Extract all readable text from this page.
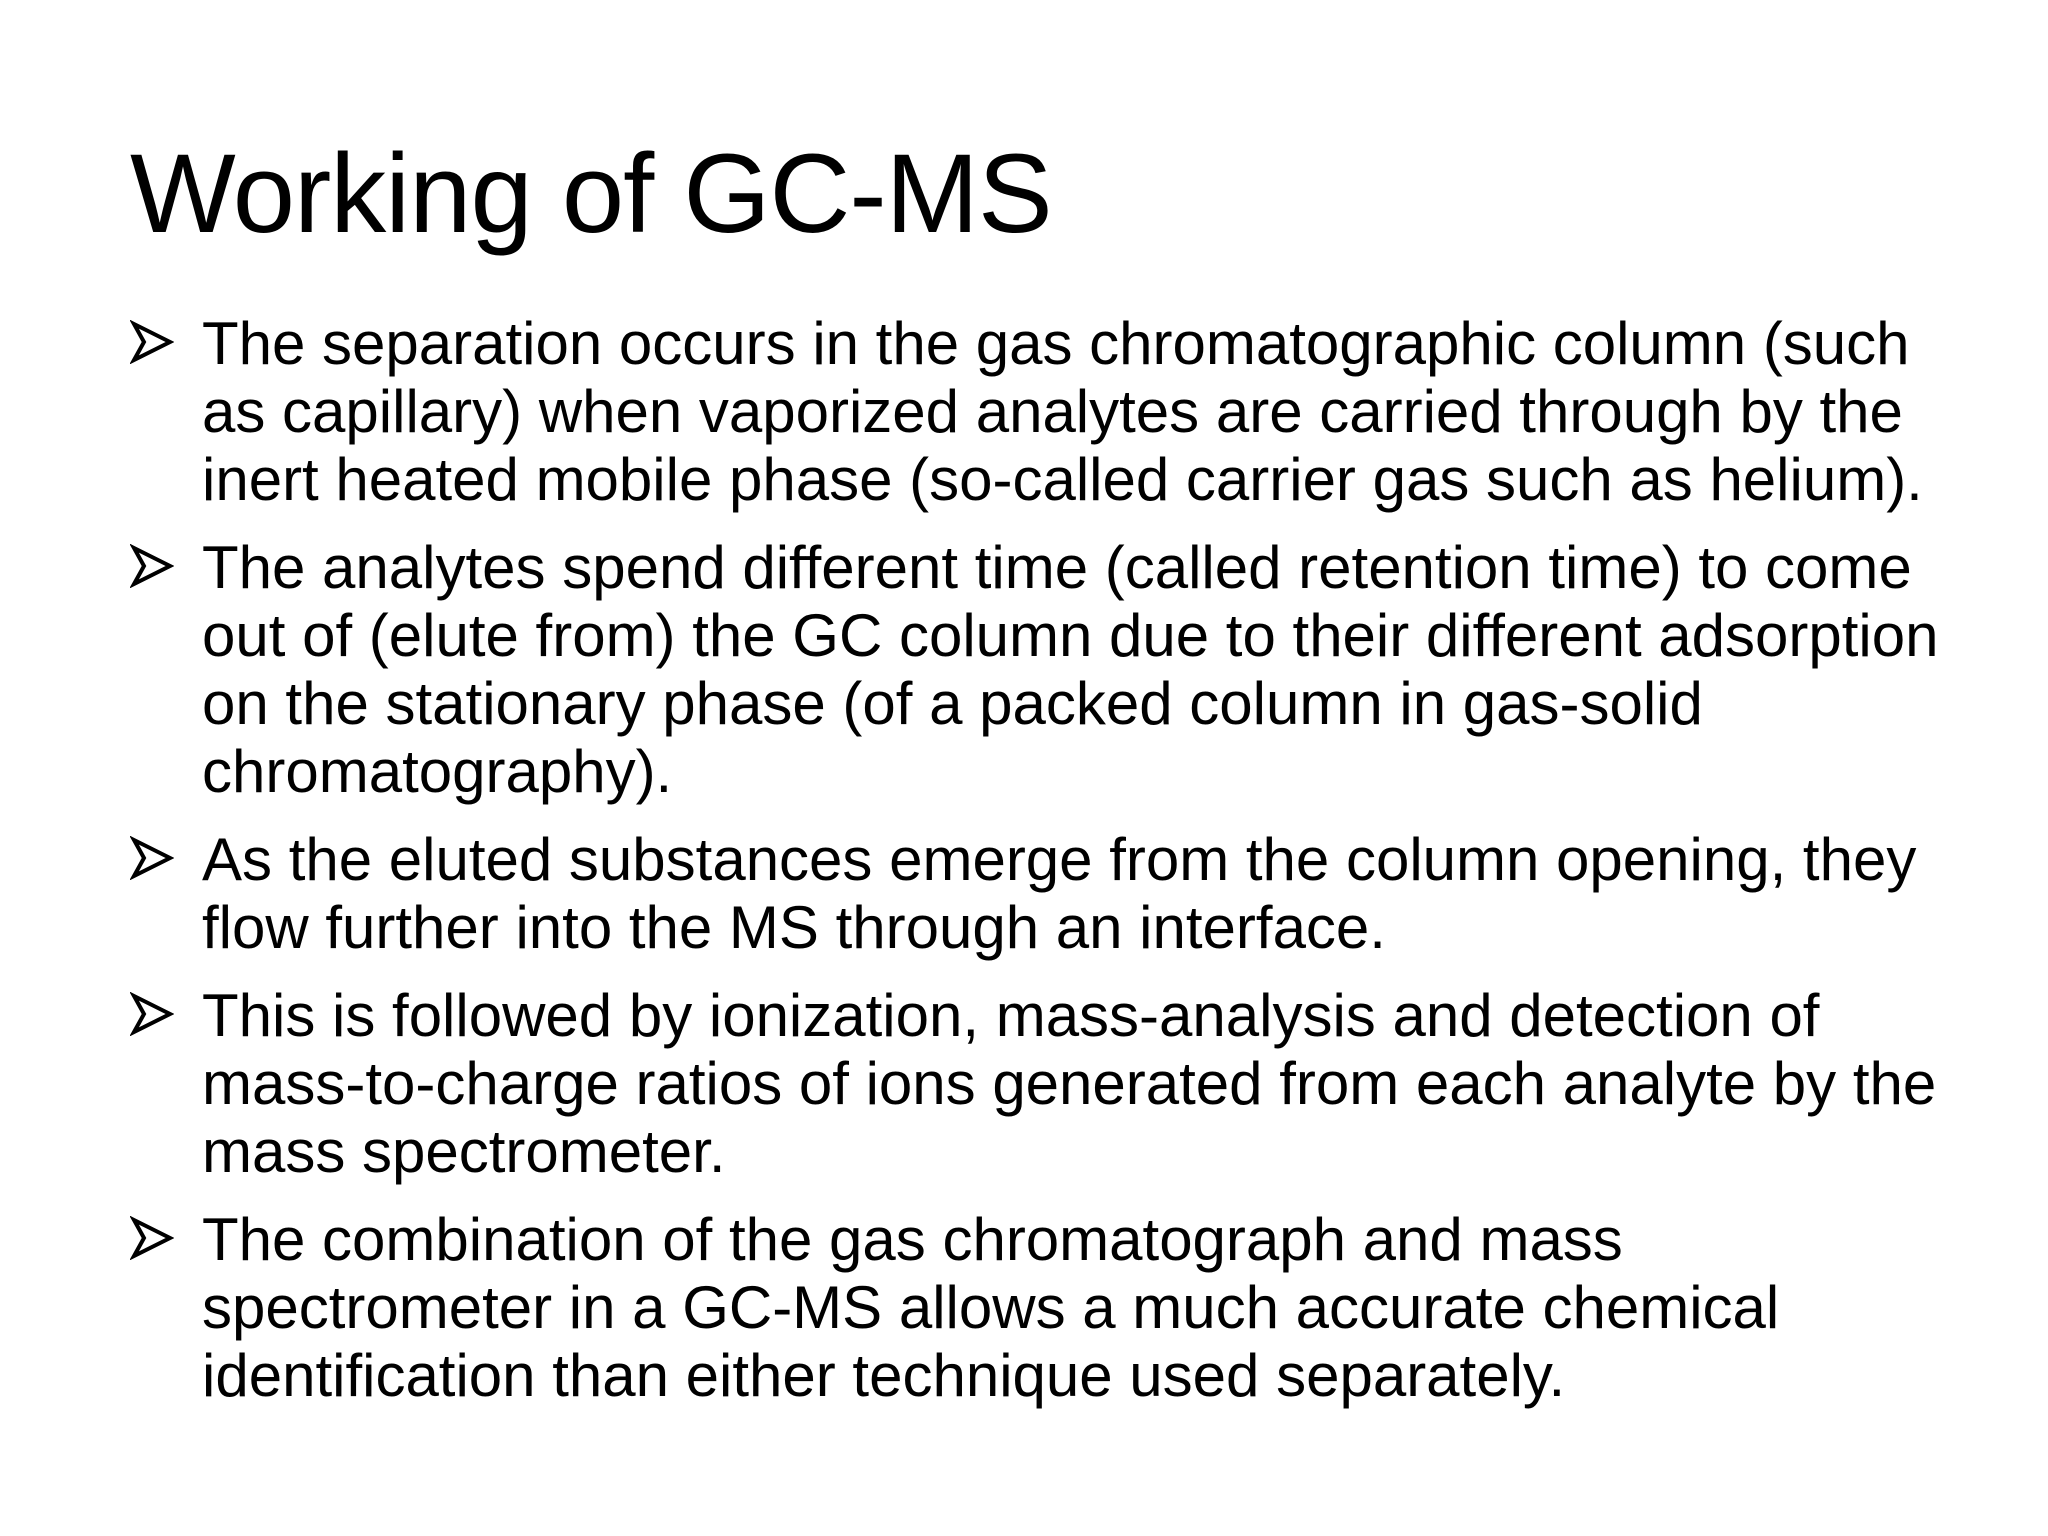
Working of GC-MS
The separation occurs in the gas chromatographic column (such as capillary) when vaporized analytes are carried through by the inert heated mobile phase (so-called carrier gas such as helium).
The analytes spend different time (called retention time) to come out of (elute from) the GC column due to their different adsorption on the stationary phase (of a packed column in gas-solid chromatography).
As the eluted substances emerge from the column opening, they flow further into the MS through an interface.
This is followed by ionization, mass-analysis and detection of mass-to-charge ratios of ions generated from each analyte by the mass spectrometer.
The combination of the gas chromatograph and mass spectrometer in a GC-MS allows a much accurate chemical identification than either technique used separately.
